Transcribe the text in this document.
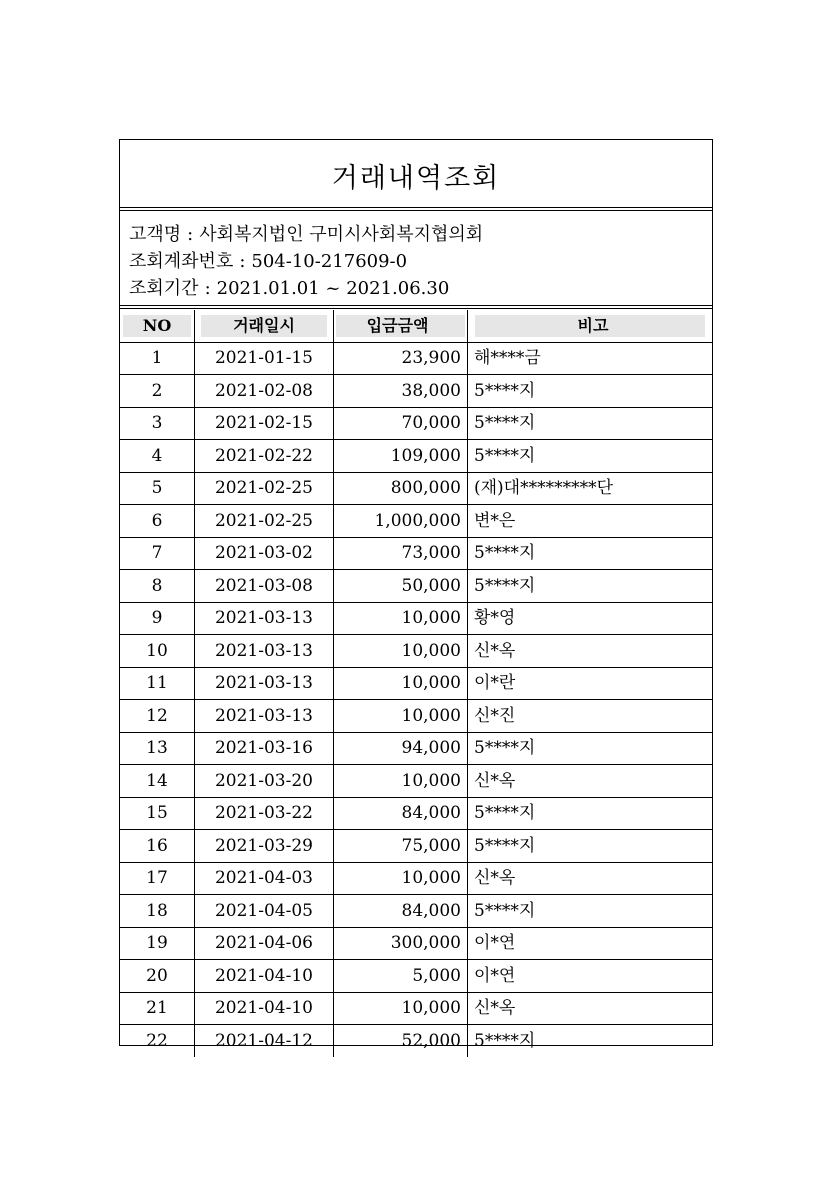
거래내역조회
고객명 : 사회복지법인 구미시사회복지협의회
조회계좌번호 : 504-10-217609-0
조회기간 : 2021.01.01 ~ 2021.06.30
NO	거래일시	입금금액	비고
1	2021-01-15	23,900	해****금
2	2021-02-08	38,000	5****지
3	2021-02-15	70,000	5****지
4	2021-02-22	109,000	5****지
5	2021-02-25	800,000	(재)대*********단
6	2021-02-25	1,000,000	변*은
7	2021-03-02	73,000	5****지
8	2021-03-08	50,000	5****지
9	2021-03-13	10,000	황*영
10	2021-03-13	10,000	신*옥
11	2021-03-13	10,000	이*란
12	2021-03-13	10,000	신*진
13	2021-03-16	94,000	5****지
14	2021-03-20	10,000	신*옥
15	2021-03-22	84,000	5****지
16	2021-03-29	75,000	5****지
17	2021-04-03	10,000	신*옥
18	2021-04-05	84,000	5****지
19	2021-04-06	300,000	이*연
20	2021-04-10	5,000	이*연
21	2021-04-10	10,000	신*옥
22	2021-04-12	52,000	5****지
